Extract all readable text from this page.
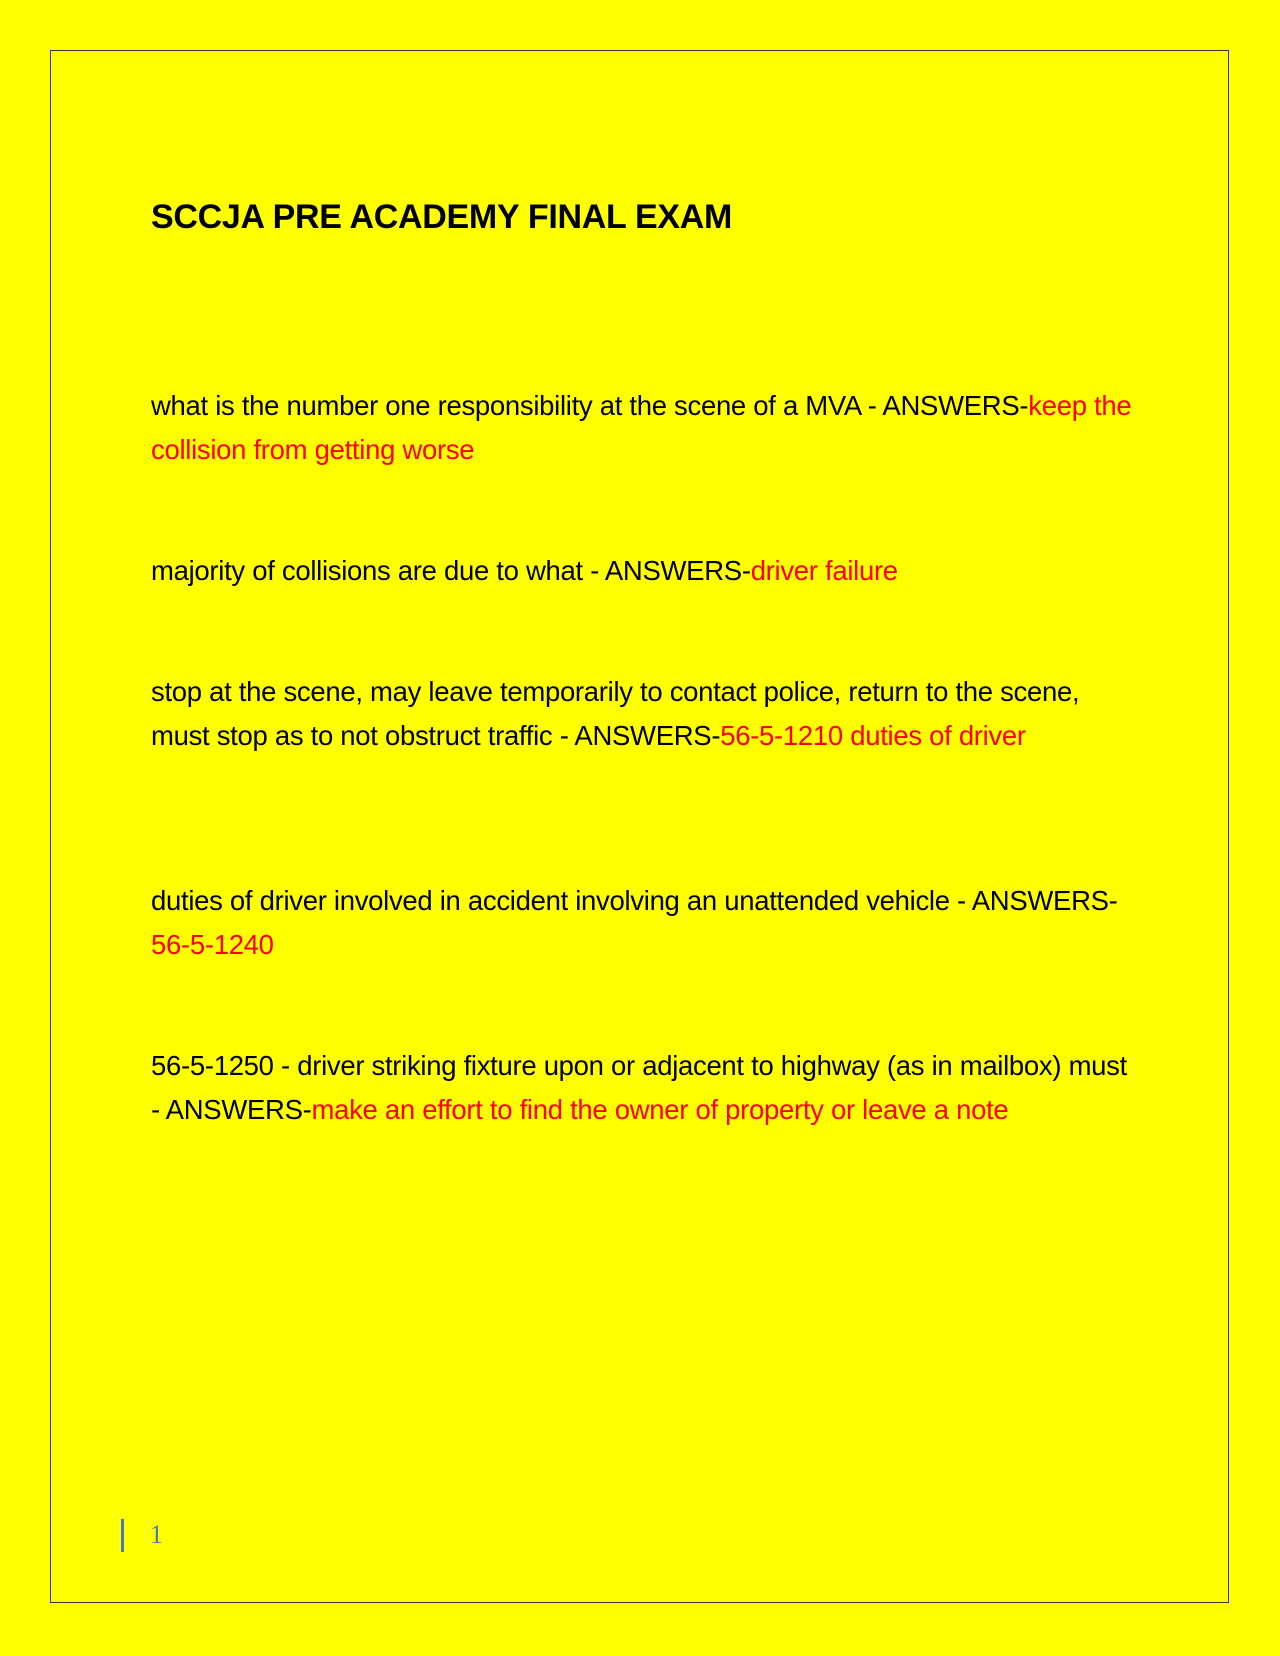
SCCJA PRE ACADEMY FINAL EXAM

what is the number one responsibility at the scene of a MVA - ANSWERS-keep the collision from getting worse

majority of collisions are due to what - ANSWERS-driver failure

stop at the scene, may leave temporarily to contact police, return to the scene, must stop as to not obstruct traffic - ANSWERS-56-5-1210 duties of driver

duties of driver involved in accident involving an unattended vehicle - ANSWERS-56-5-1240

56-5-1250 - driver striking fixture upon or adjacent to highway (as in mailbox) must - ANSWERS-make an effort to find the owner of property or leave a note

1
